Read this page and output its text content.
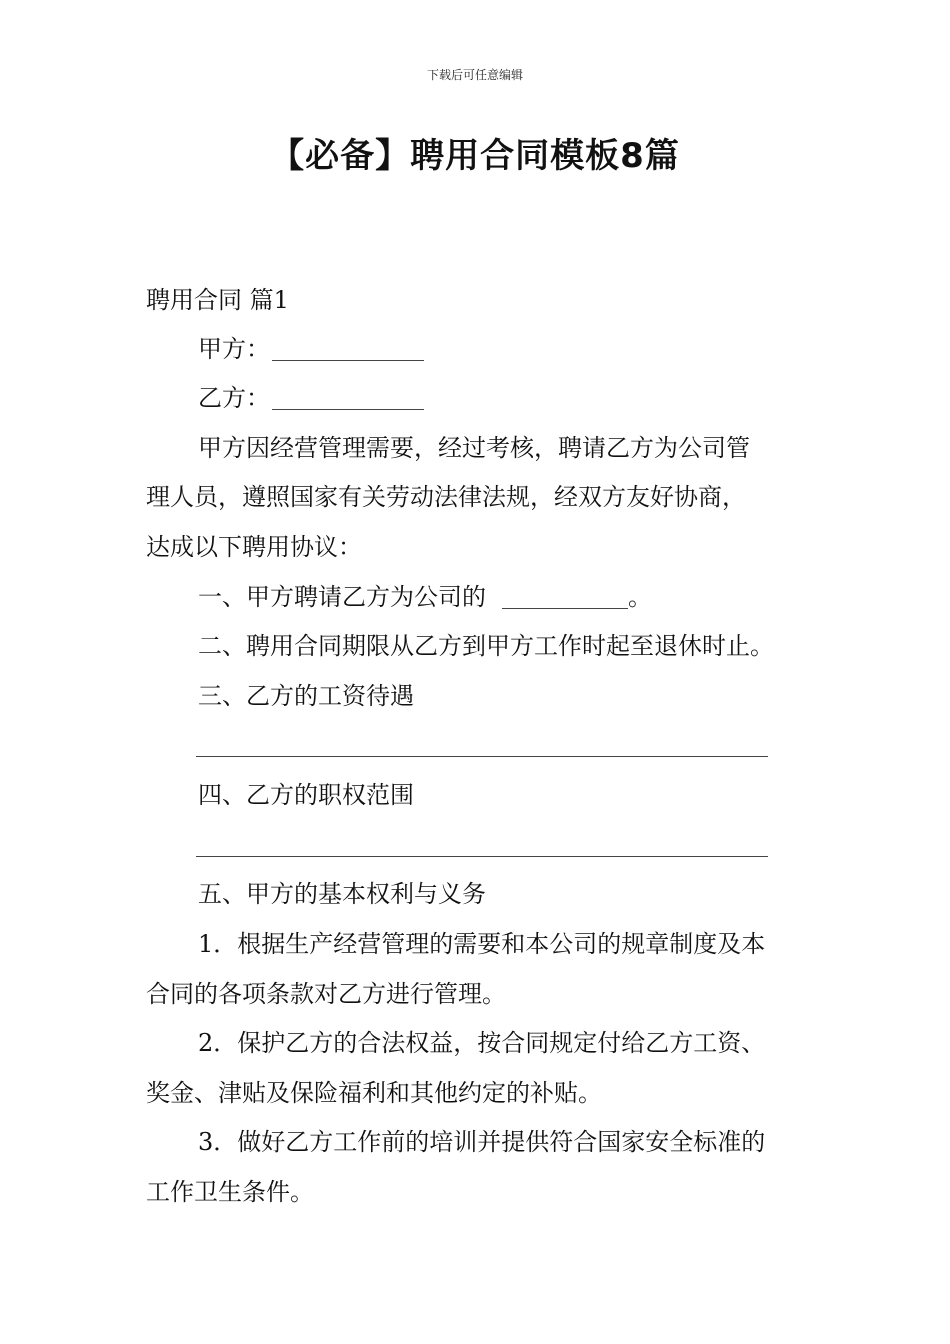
下载后可任意编辑
【必备】聘用合同模板8篇
聘用合同 篇1
甲方：
乙方：
甲方因经营管理需要，经过考核，聘请乙方为公司管
理人员，遵照国家有关劳动法律法规，经双方友好协商，
达成以下聘用协议：
一、甲方聘请乙方为公司的	。
二、聘用合同期限从乙方到甲方工作时起至退休时止。
三、乙方的工资待遇
四、乙方的职权范围
五、甲方的基本权利与义务
1．根据生产经营管理的需要和本公司的规章制度及本
合同的各项条款对乙方进行管理。
2．保护乙方的合法权益，按合同规定付给乙方工资、
奖金、津贴及保险福利和其他约定的补贴。
3．做好乙方工作前的培训并提供符合国家安全标准的
工作卫生条件。
